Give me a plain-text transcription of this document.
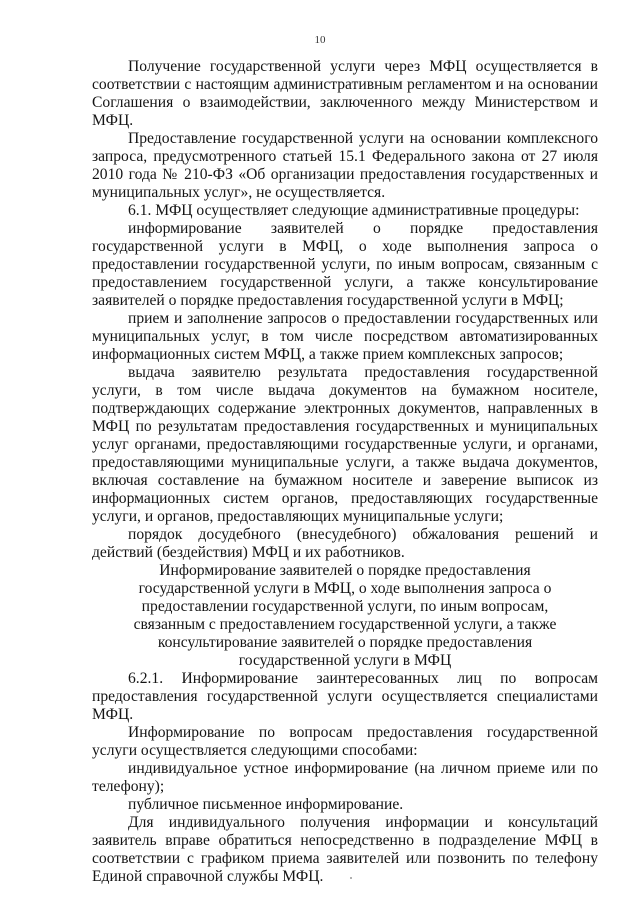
10

Получение государственной услуги через МФЦ осуществляется в соответствии с настоящим административным регламентом и на основании Соглашения о взаимодействии, заключенного между Министерством и МФЦ.

Предоставление государственной услуги на основании комплексного запроса, предусмотренного статьей 15.1 Федерального закона от 27 июля 2010 года № 210-ФЗ «Об организации предоставления государственных и муниципальных услуг», не осуществляется.

6.1. МФЦ осуществляет следующие административные процедуры:

информирование заявителей о порядке предоставления государственной услуги в МФЦ, о ходе выполнения запроса о предоставлении государственной услуги, по иным вопросам, связанным с предоставлением государственной услуги, а также консультирование заявителей о порядке предоставления государственной услуги в МФЦ;

прием и заполнение запросов о предоставлении государственных или муниципальных услуг, в том числе посредством автоматизированных информационных систем МФЦ, а также прием комплексных запросов;

выдача заявителю результата предоставления государственной услуги, в том числе выдача документов на бумажном носителе, подтверждающих содержание электронных документов, направленных в МФЦ по результатам предоставления государственных и муниципальных услуг органами, предоставляющими государственные услуги, и органами, предоставляющими муниципальные услуги, а также выдача документов, включая составление на бумажном носителе и заверение выписок из информационных систем органов, предоставляющих государственные услуги, и органов, предоставляющих муниципальные услуги;

порядок досудебного (внесудебного) обжалования решений и действий (бездействия) МФЦ и их работников.

Информирование заявителей о порядке предоставления государственной услуги в МФЦ, о ходе выполнения запроса о предоставлении государственной услуги, по иным вопросам, связанным с предоставлением государственной услуги, а также консультирование заявителей о порядке предоставления государственной услуги в МФЦ

6.2.1. Информирование заинтересованных лиц по вопросам предоставления государственной услуги осуществляется специалистами МФЦ.

Информирование по вопросам предоставления государственной услуги осуществляется следующими способами:

индивидуальное устное информирование (на личном приеме или по телефону);

публичное письменное информирование.

Для индивидуального получения информации и консультаций заявитель вправе обратиться непосредственно в подразделение МФЦ в соответствии с графиком приема заявителей или позвонить по телефону Единой справочной службы МФЦ.
